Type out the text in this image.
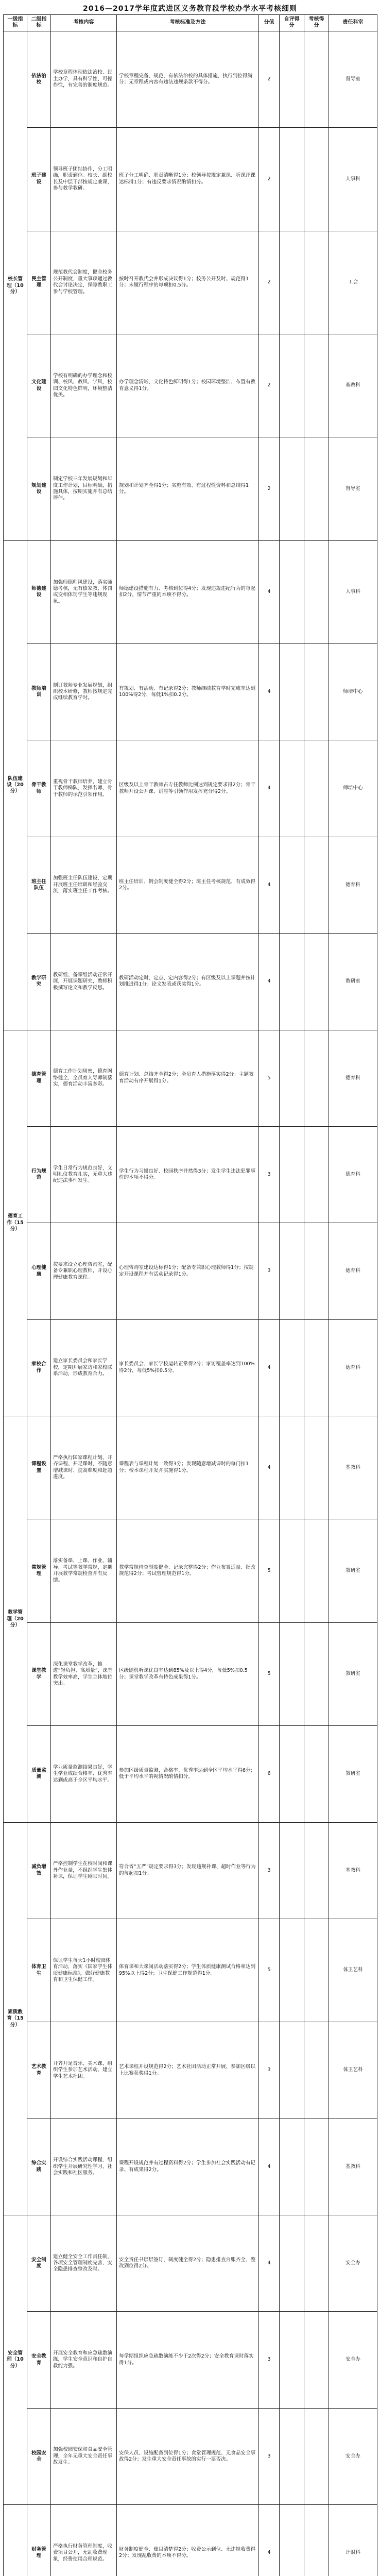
2016—2017学年度武进区义务教育段学校办学水平考核细则
一级指标	二级指标	考核内容	考核标准及方法	分值	自评得分	考核得分	责任科室
校长管理（10分）	依法治校	学校章程体现依法治校、民主办学，具有科学性、可操作性，有完善的制度规范。	学校章程完备、规范，有依法治校的具体措施，执行到位得满分；无章程或内容有违法违规条款不得分。	2			督导室
	班子建设	领导班子团结协作，分工明确，职责到位。校长、副校长及中层干部按规定兼课，参与教学教研。	班子分工明确、职责清晰得1分；校领导按规定兼课、听课评课达标得1分；有违反要求情况酌情扣分。	2			人事科
	民主管理	规范教代会制度，健全校务公开制度，重大事项通过教代会讨论决定，保障教职工参与学校管理。	按时召开教代会并形成决议得1分；校务公开及时、规范得1分；未履行程序的每项扣0.5分。	2			工会
	文化建设	学校有明确的办学理念和校训、校风、教风、学风，校园文化特色鲜明，环境整洁优美。	办学理念清晰、文化特色鲜明得1分；校园环境整洁、布置有教育意义得1分。	2			基教科
	规划建设	制定学校三年发展规划和年度工作计划，目标明确，措施具体，按期实施并有总结评估。	规划和计划齐全得1分；实施有效、有过程性资料和总结得1分。	2			督导室
队伍建设（20分）	师德建设	加强师德师风建设，落实师德考核，无有偿家教、体罚或变相体罚学生等违规现象。	师德建设措施有力、考核到位得4分；发现违规违纪行为的每起扣2分，情节严重的本项不得分。	4			人事科
	教师培训	制订教师专业发展规划，组织校本研修，教师按规定完成继续教育学时。	有规划、有活动、有记录得2分；教师继续教育学时完成率达到100%得2分，每低1%扣0.2分。	4			师培中心
	骨干教师	重视骨干教师培养，建立骨干教师梯队，发挥名师、骨干教师的示范引领作用。	区级及以上骨干教师占专任教师比例达到规定要求得2分；骨干教师开设公开课、讲座等引领作用发挥充分得2分。	4			师培中心
	班主任队伍	加强班主任队伍建设，定期开展班主任培训和经验交流，落实班主任工作考核。	班主任培训、例会制度健全得2分；班主任考核规范、有成效得2分。	4			德育科
	教学研究	教研组、备课组活动正常开展，开展课题研究，教师积极撰写论文和教学反思。	教研活动定时、定点、定内容得2分；有区级及以上课题并按计划推进得1分；论文发表或获奖得1分。	4			教研室
德育工作（15分）	德育管理	德育工作计划周密，德育网络健全，全员育人导师制落实，德育活动丰富多彩。	德育计划、总结齐全得2分；全员育人措施落实得2分；主题教育活动有序开展得1分。	5			德育科
	行为规范	学生日常行为规范良好，文明礼仪教育扎实，无重大违纪违法事件发生。	学生行为习惯良好、校园秩序井然得3分；发生学生违法犯罪事件的本项不得分。	3			德育科
	心理健康	按要求设立心理咨询室，配备专兼职心理教师，开设心理健康教育课程。	心理咨询室建设达标得1分；配备专兼职心理教师得1分；按规定开设课程并有活动记录得1分。	3			德育科
	家校合作	建立家长委员会和家长学校，定期开展家访和家校联系活动，形成教育合力。	家长委员会、家长学校运转正常得2分；家访覆盖率达到100%得2分，每低5%扣0.5分。	4			德育科
教学管理（20分）	课程设置	严格执行国家课程计划，开齐课程、开足课时，不随意增减课时、提高难度和赶超进度。	课程表与课程计划一致得3分；发现随意增减课时的每门扣1分；校本课程开发并实施得1分。	4			基教科
	常规管理	落实备课、上课、作业、辅导、考试等教学常规，定期开展教学常规检查并有反馈。	教学常规检查制度健全、记录完整得2分；作业布置适量、批改规范得2分；考试管理规范得1分。	5			教研室
	课堂教学	深化课堂教学改革，推进“轻负担、高质量”，课堂教学效率高，学生主体地位突出。	区级随机听课优良率达到85%及以上得4分，每低5%扣0.5分；课堂教学改革有特色成果得1分。	5			教研室
	质量监测	学业质量监测结果良好，学生学业成绩合格率、优秀率达到或高于全区平均水平。	参加区级质量监测，合格率、优秀率达到全区平均水平得6分；低于平均水平的视情况酌情扣分。	6			教研室
素质教育（15分）	减负增效	严格控制学生在校时间和课外作业量，不组织学生集体补课，保证学生睡眠时间。	符合省“五严”规定要求得3分；发现违规补课、超时作业等行为的每起扣1分。	3			基教科
	体育卫生	保证学生每天1小时校园体育活动，落实《国家学生体质健康标准》，做好健康教育和卫生保健工作。	体育课和大课间活动落实得2分；学生体质健康测试合格率达到95%以上得2分；卫生保健工作规范得1分。	5			体卫艺科
	艺术教育	开齐开足音乐、美术课，组织学生参加艺术活动，建立学生艺术社团。	艺术课程开设规范得2分；艺术社团活动正常开展、参加区级以上比赛获奖得1分。	3			体卫艺科
	综合实践	开设综合实践活动课程，组织学生开展研究性学习、社会实践和社区服务。	课程开设规范并有过程资料得2分；学生参加社会实践活动有记录、有成果得2分。	4			基教科
安全管理（10分）	安全制度	建立健全安全工作责任制，各项安全管理制度完善，安全隐患排查整改及时。	安全责任书层层签订，制度健全得2分；隐患排查台账齐全、整改到位得2分。	4			安全办
	安全教育	开展安全教育和应急疏散演练，学生安全意识和自护自救能力强。	每学期组织应急疏散演练不少于2次得2分；安全教育课时落实得1分。	3			安全办
	校园安全	加强校园安保和食品安全管理，全年无重大安全责任事故发生。	安保人员、设施配备到位得1分；食堂管理规范、无食品安全事故得2分；发生重大安全责任事故的实行一票否决。	3			安全办
	财务管理	严格执行财务管理制度，收费项目公开，无乱收费现象，经费使用合理规范。	财务制度健全、账目清楚得2分；收费公示到位、无违规收费得2分；发现乱收费的本项不得分。	4			计财科
